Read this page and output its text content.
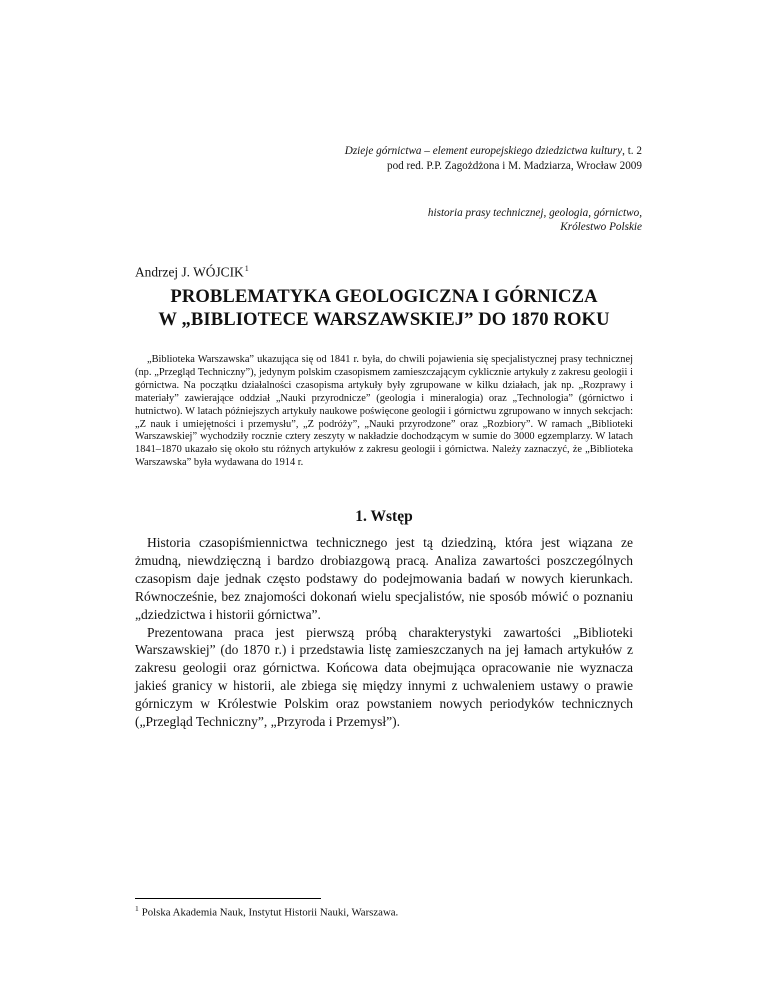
Dzieje górnictwa – element europejskiego dziedzictwa kultury, t. 2
pod red. P.P. Zagożdżona i M. Madziarza, Wrocław 2009
historia prasy technicznej, geologia, górnictwo,
Królestwo Polskie
Andrzej J. WÓJCIK$^1$
PROBLEMATYKA GEOLOGICZNA I GÓRNICZA
W „BIBLIOTECE WARSZAWSKIEJ” DO 1870 ROKU
„Biblioteka Warszawska” ukazująca się od 1841 r. była, do chwili pojawienia się specjalistycznej prasy technicznej (np. „Przegląd Techniczny”), jedynym polskim czasopismem zamieszczającym cyklicznie artykuły z zakresu geologii i górnictwa. Na początku działalności czasopisma artykuły były zgrupowane w kilku działach, jak np. „Rozprawy i materiały” zawierające oddział „Nauki przyrodnicze” (geologia i mineralogia) oraz „Technologia” (górnictwo i hutnictwo). W latach późniejszych artykuły naukowe poświęcone geologii i górnictwu zgrupowano w innych sekcjach: „Z nauk i umiejętności i przemysłu”, „Z podróży”, „Nauki przyrodzone” oraz „Rozbiory”. W ramach „Biblioteki Warszawskiej” wychodziły rocznie cztery zeszyty w nakładzie dochodzącym w sumie do 3000 egzemplarzy. W latach 1841–1870 ukazało się około stu różnych artykułów z zakresu geologii i górnictwa. Należy zaznaczyć, że „Biblioteka Warszawska” była wydawana do 1914 r.
1. Wstęp

Historia czasopiśmiennictwa technicznego jest tą dziedziną, która jest wiązana ze żmudną, niewdzięczną i bardzo drobiazgową pracą. Analiza zawartości poszczególnych czasopism daje jednak często podstawy do podejmowania badań w nowych kierunkach. Równocześnie, bez znajomości dokonań wielu specjalistów, nie sposób mówić o poznaniu „dziedzictwa i historii górnictwa”.

Prezentowana praca jest pierwszą próbą charakterystyki zawartości „Biblioteki Warszawskiej” (do 1870 r.) i przedstawia listę zamieszczanych na jej łamach artykułów z zakresu geologii oraz górnictwa. Końcowa data obejmująca opracowanie nie wyznacza jakieś granicy w historii, ale zbiega się między innymi z uchwaleniem ustawy o prawie górniczym w Królestwie Polskim oraz powstaniem nowych periodyków technicznych („Przegląd Techniczny”, „Przyroda i Przemysł”).

$^1$ Polska Akademia Nauk, Instytut Historii Nauki, Warszawa.
